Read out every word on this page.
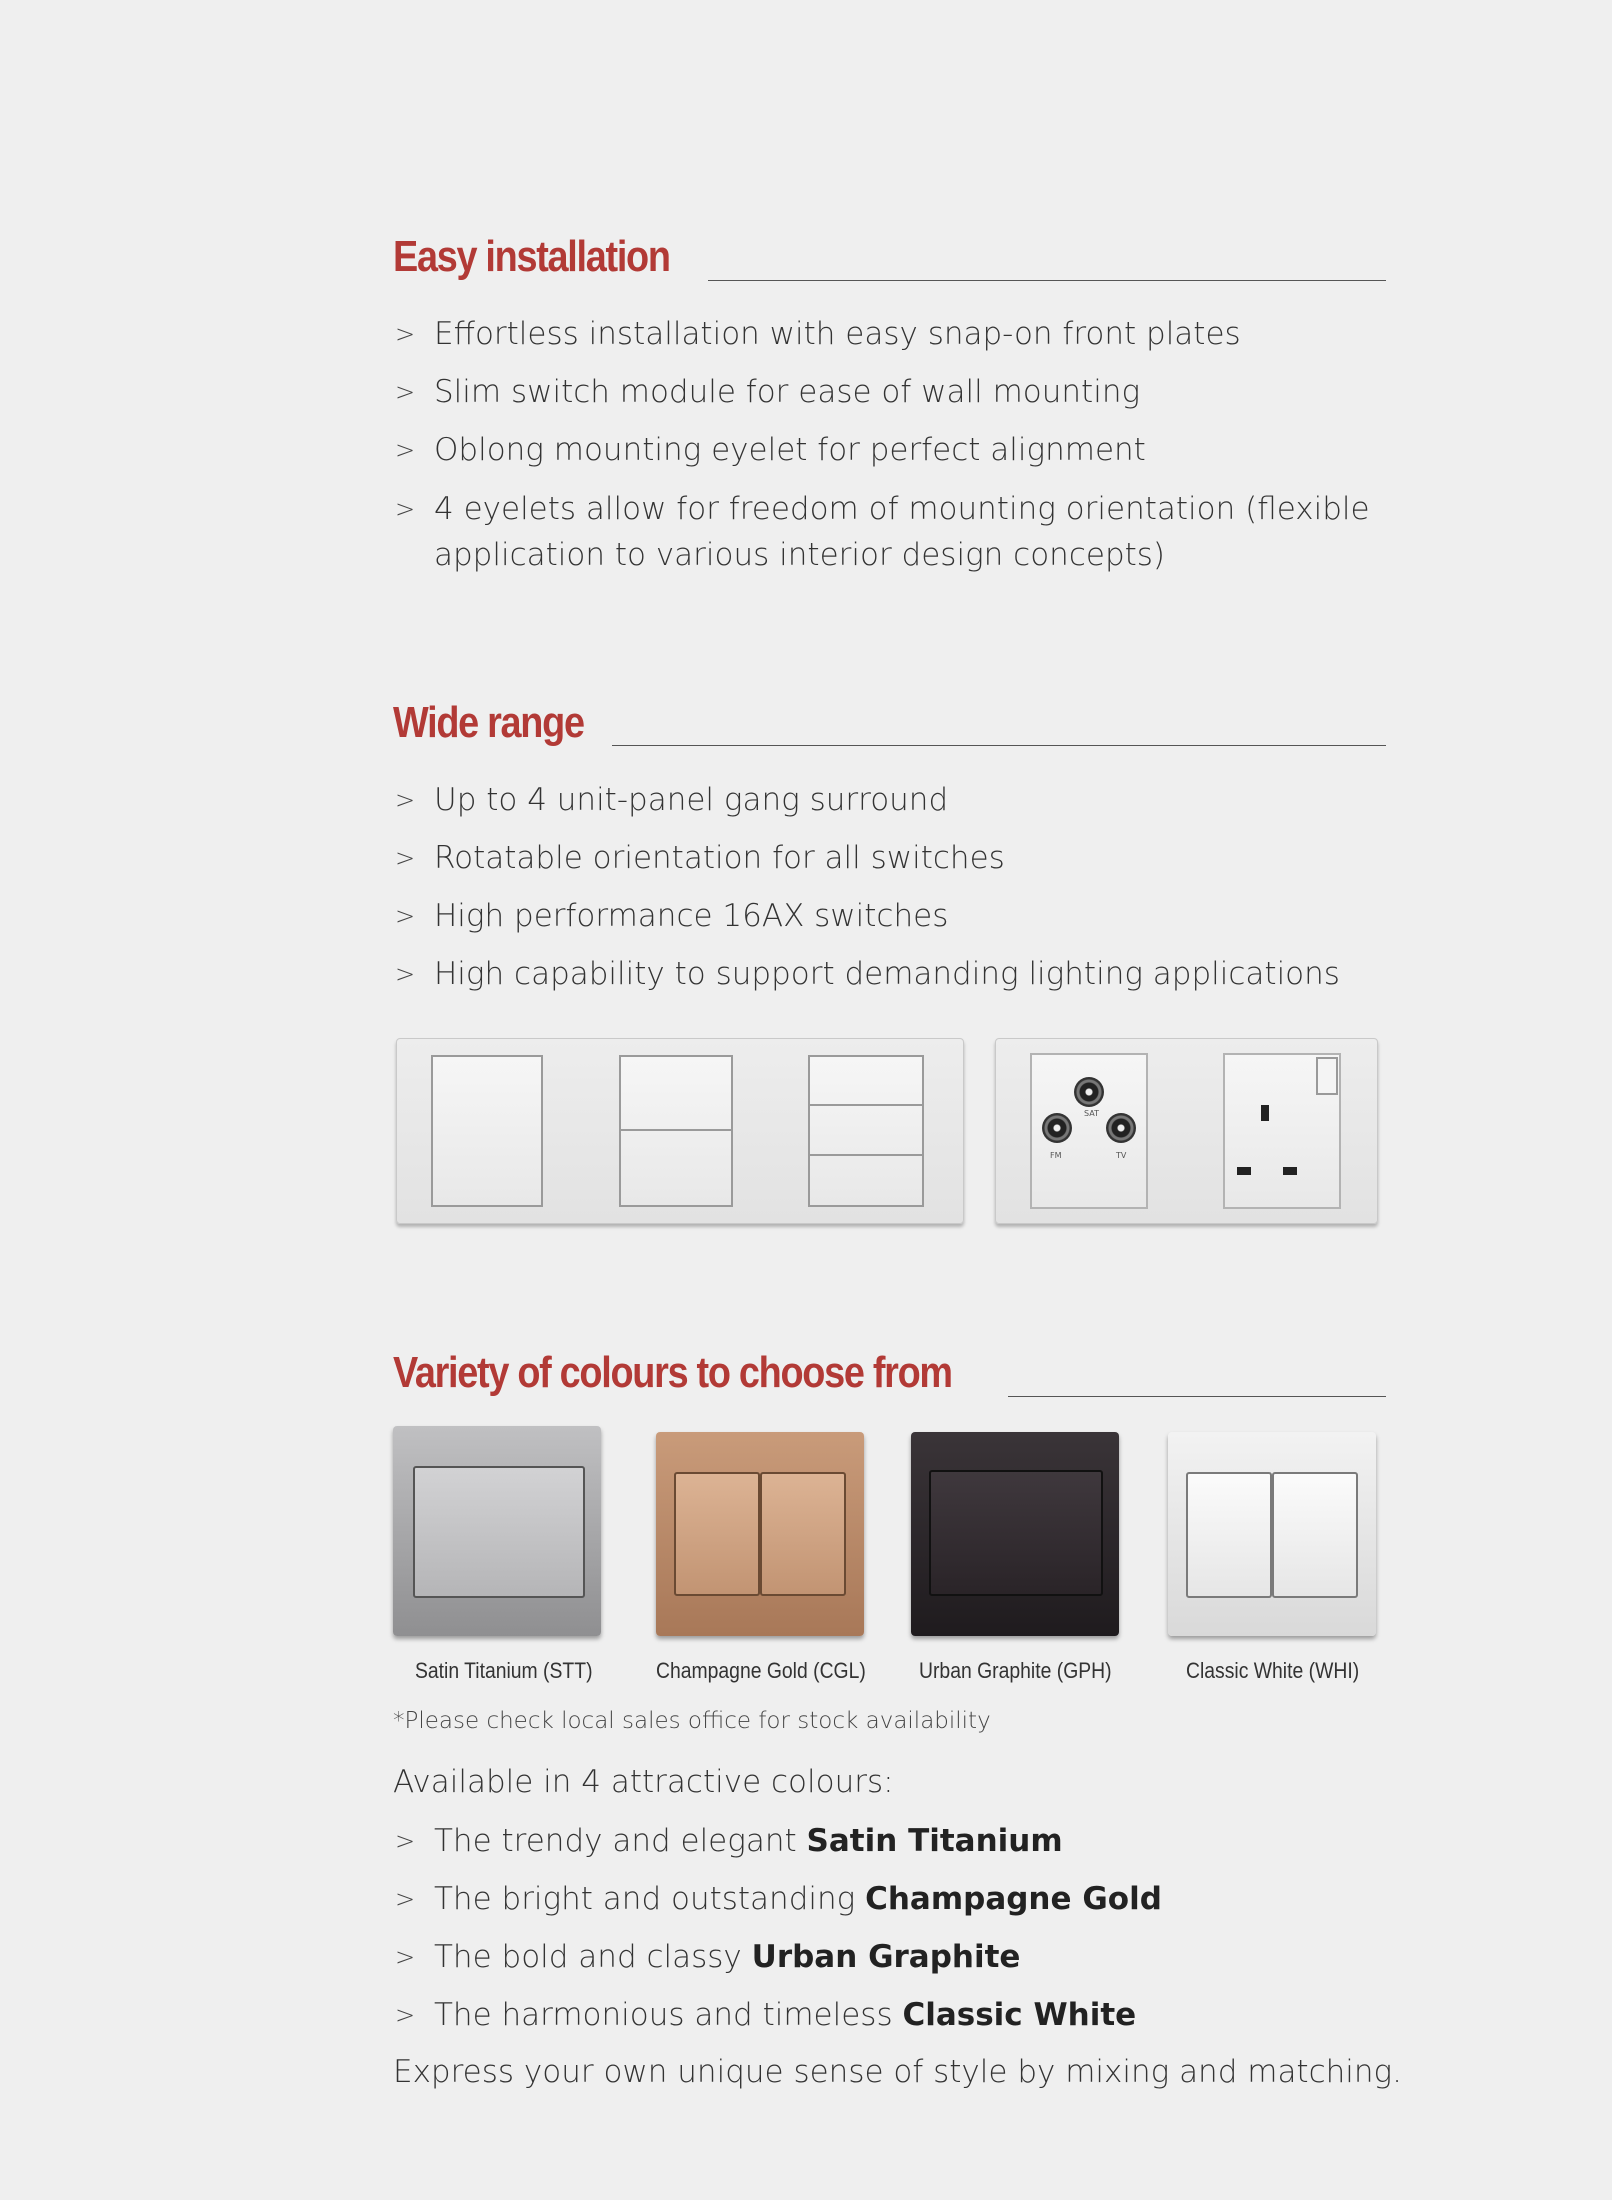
Easy installation
> Effortless installation with easy snap-on front plates
> Slim switch module for ease of wall mounting
> Oblong mounting eyelet for perfect alignment
> 4 eyelets allow for freedom of mounting orientation (flexible application to various interior design concepts)
Wide range
> Up to 4 unit-panel gang surround
> Rotatable orientation for all switches
> High performance 16AX switches
> High capability to support demanding lighting applications
SAT
FM	TV
Variety of colours to choose from
Satin Titanium (STT)	Champagne Gold (CGL) Urban Graphite (GPH)	Classic White (WHI)
*Please check local sales office for stock availability
Available in 4 attractive colours:
> The trendy and elegant Satin Titanium
> The bright and outstanding Champagne Gold
> The bold and classy Urban Graphite
> The harmonious and timeless Classic White
Express your own unique sense of style by mixing and matching.
